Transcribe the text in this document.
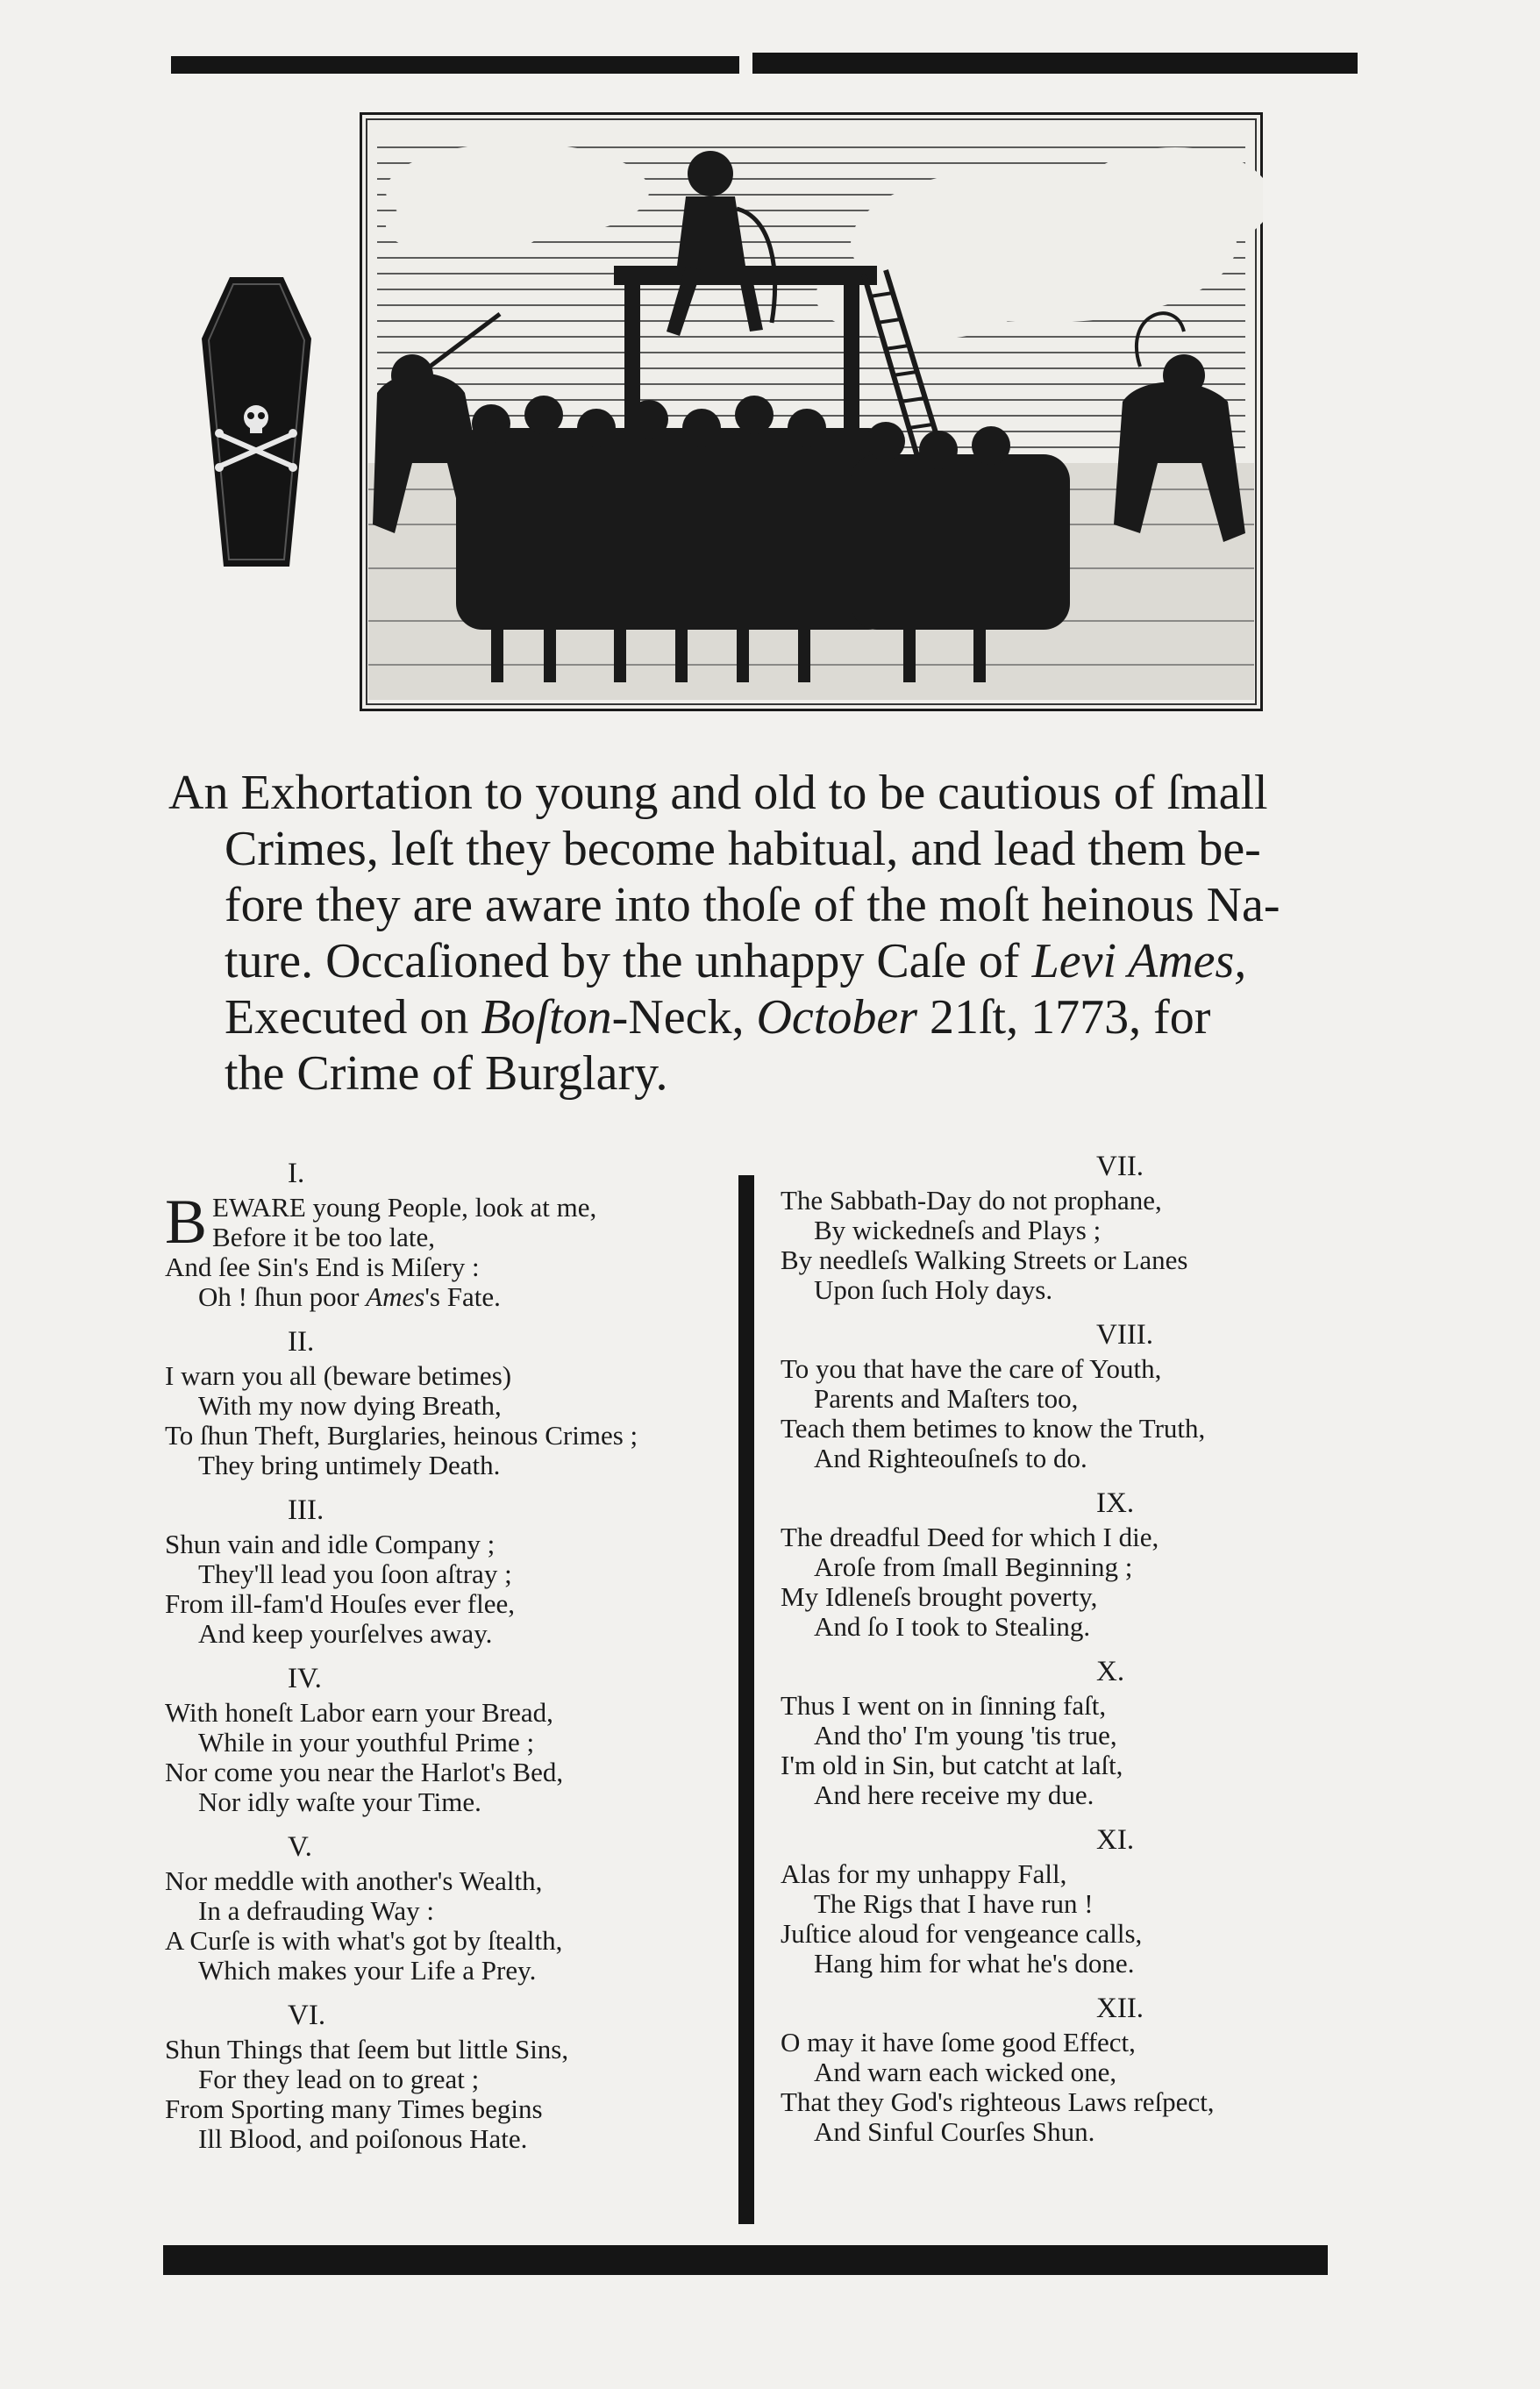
An Exhortation to young and old to be cautious of ſmall
Crimes, leſt they become habitual, and lead them be-
fore they are aware into thoſe of the moſt heinous Na-
ture. Occaſioned by the unhappy Caſe of Levi Ames,
Executed on Boſton-Neck, October 21ſt, 1773, for
the Crime of Burglary.

I.

B EWARE young People, look at me,
Before it be too late,
And ſee Sin's End is Miſery :
Oh ! ſhun poor Ames's Fate.

II.

I warn you all (beware betimes)
With my now dying Breath,
To ſhun Theft, Burglaries, heinous Crimes ;
They bring untimely Death.

III.

Shun vain and idle Company ;
They'll lead you ſoon aſtray ;
From ill-fam'd Houſes ever flee,
And keep yourſelves away.

IV.

With honeſt Labor earn your Bread,
While in your youthful Prime ;
Nor come you near the Harlot's Bed,
Nor idly waſte your Time.

V.

Nor meddle with another's Wealth,
In a defrauding Way :
A Curſe is with what's got by ſtealth,
Which makes your Life a Prey.

VI.

Shun Things that ſeem but little Sins,
For they lead on to great ;
From Sporting many Times begins
Ill Blood, and poiſonous Hate.

VII.

The Sabbath-Day do not prophane,
By wickedneſs and Plays ;
By needleſs Walking Streets or Lanes
Upon ſuch Holy days.

VIII.

To you that have the care of Youth,
Parents and Maſters too,
Teach them betimes to know the Truth,
And Righteouſneſs to do.

IX.

The dreadful Deed for which I die,
Aroſe from ſmall Beginning ;
My Idleneſs brought poverty,
And ſo I took to Stealing.

X.

Thus I went on in ſinning faſt,
And tho' I'm young 'tis true,
I'm old in Sin, but catcht at laſt,
And here receive my due.

XI.

Alas for my unhappy Fall,
The Rigs that I have run !
Juſtice aloud for vengeance calls,
Hang him for what he's done.

XII.

O may it have ſome good Effect,
And warn each wicked one,
That they God's righteous Laws reſpect,
And Sinful Courſes Shun.
